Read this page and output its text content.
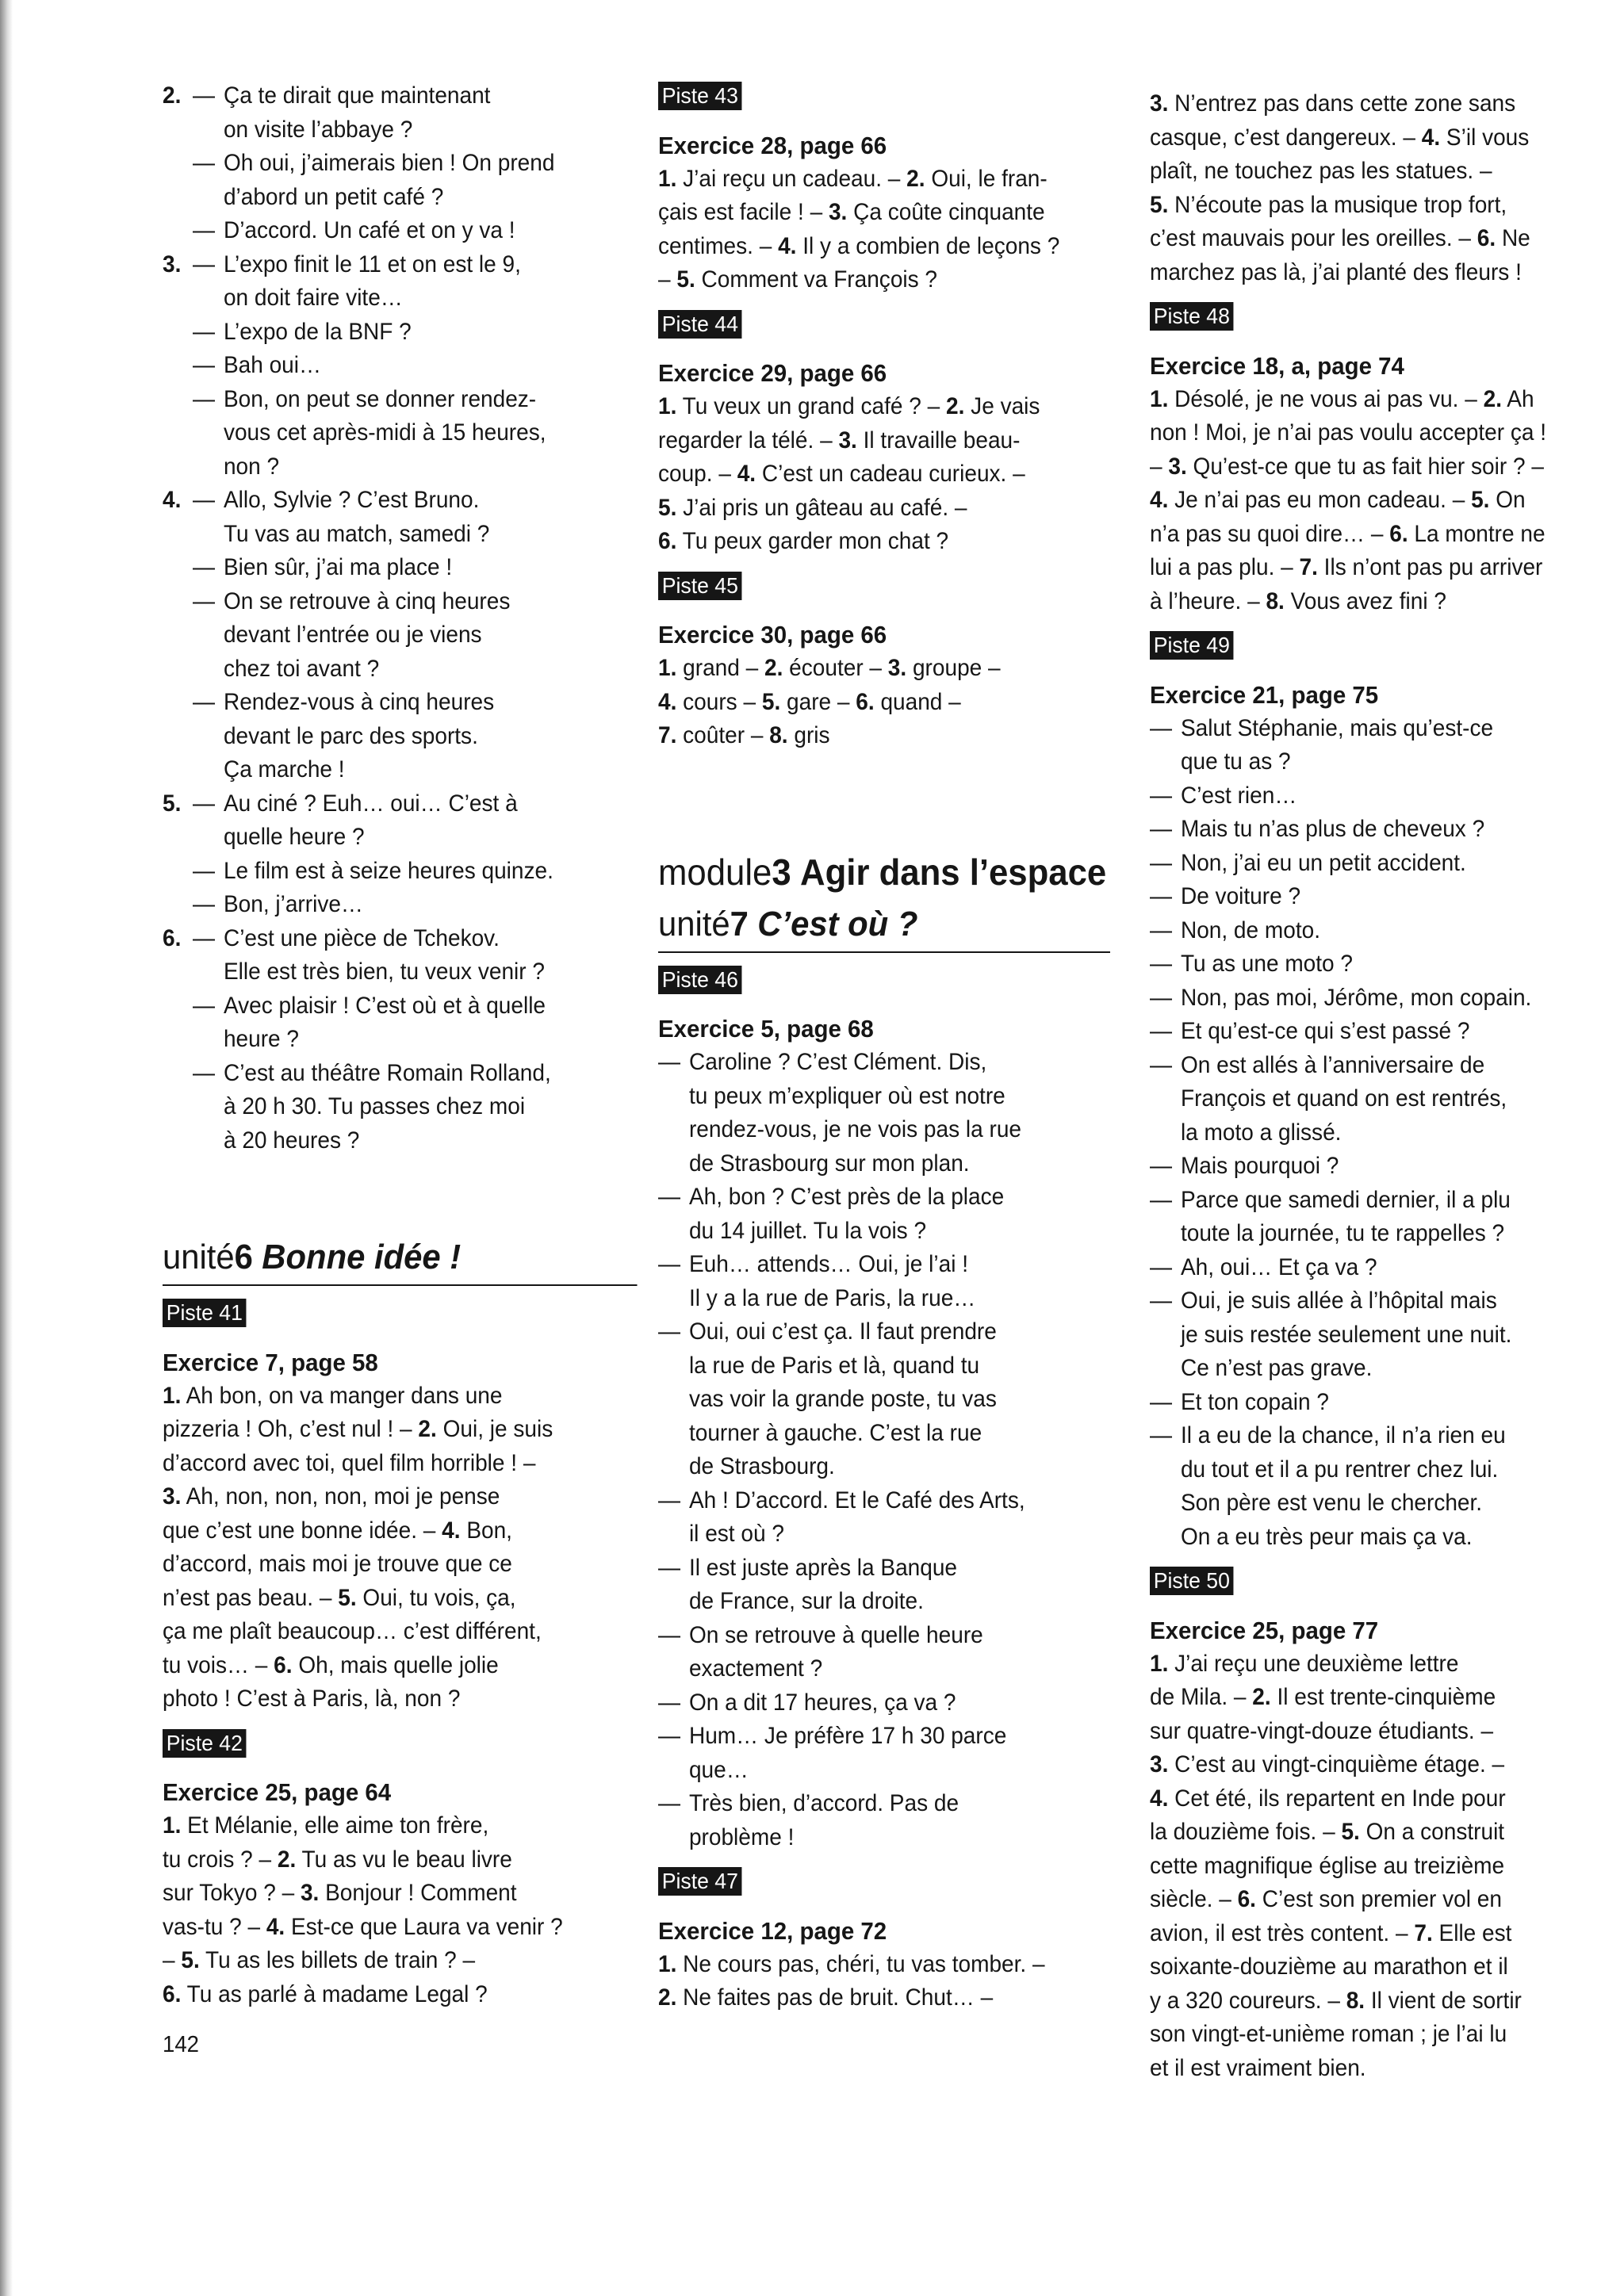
2. — Ça te dirait que maintenant
on visite l’abbaye ?
— Oh oui, j’aimerais bien ! On prend
d’abord un petit café ?
— D’accord. Un café et on y va !
3. — L’expo finit le 11 et on est le 9,
on doit faire vite…
— L’expo de la BNF ?
— Bah oui…
— Bon, on peut se donner rendez-
vous cet après-midi à 15 heures,
non ?
4. — Allo, Sylvie ? C’est Bruno.
Tu vas au match, samedi ?
— Bien sûr, j’ai ma place !
— On se retrouve à cinq heures
devant l’entrée ou je viens
chez toi avant ?
— Rendez-vous à cinq heures
devant le parc des sports.
Ça marche !
5. — Au ciné ? Euh… oui… C’est à
quelle heure ?
— Le film est à seize heures quinze.
— Bon, j’arrive…
6. — C’est une pièce de Tchekov.
Elle est très bien, tu veux venir ?
— Avec plaisir ! C’est où et à quelle
heure ?
— C’est au théâtre Romain Rolland,
à 20 h 30. Tu passes chez moi
à 20 heures ?
unité6 Bonne idée !
Piste 41
Exercice 7, page 58
1. Ah bon, on va manger dans une
pizzeria ! Oh, c’est nul ! – 2. Oui, je suis
d’accord avec toi, quel film horrible ! –
3. Ah, non, non, non, moi je pense
que c’est une bonne idée. – 4. Bon,
d’accord, mais moi je trouve que ce
n’est pas beau. – 5. Oui, tu vois, ça,
ça me plaît beaucoup… c’est différent,
tu vois… – 6. Oh, mais quelle jolie
photo ! C’est à Paris, là, non ?
Piste 42
Exercice 25, page 64
1. Et Mélanie, elle aime ton frère,
tu crois ? – 2. Tu as vu le beau livre
sur Tokyo ? – 3. Bonjour ! Comment
vas-tu ? – 4. Est-ce que Laura va venir ?
– 5. Tu as les billets de train ? –
6. Tu as parlé à madame Legal ?
142
Piste 43
Exercice 28, page 66
1. J’ai reçu un cadeau. – 2. Oui, le fran-
çais est facile ! – 3. Ça coûte cinquante
centimes. – 4. Il y a combien de leçons ?
– 5. Comment va François ?
Piste 44
Exercice 29, page 66
1. Tu veux un grand café ? – 2. Je vais
regarder la télé. – 3. Il travaille beau-
coup. – 4. C’est un cadeau curieux. –
5. J’ai pris un gâteau au café. –
6. Tu peux garder mon chat ?
Piste 45
Exercice 30, page 66
1. grand – 2. écouter – 3. groupe –
4. cours – 5. gare – 6. quand –
7. coûter – 8. gris
module3 Agir dans l’espace
unité7 C’est où ?
Piste 46
Exercice 5, page 68
— Caroline ? C’est Clément. Dis,
tu peux m’expliquer où est notre
rendez-vous, je ne vois pas la rue
de Strasbourg sur mon plan.
— Ah, bon ? C’est près de la place
du 14 juillet. Tu la vois ?
— Euh… attends… Oui, je l’ai !
Il y a la rue de Paris, la rue…
— Oui, oui c’est ça. Il faut prendre
la rue de Paris et là, quand tu
vas voir la grande poste, tu vas
tourner à gauche. C’est la rue
de Strasbourg.
— Ah ! D’accord. Et le Café des Arts,
il est où ?
— Il est juste après la Banque
de France, sur la droite.
— On se retrouve à quelle heure
exactement ?
— On a dit 17 heures, ça va ?
— Hum… Je préfère 17 h 30 parce
que…
— Très bien, d’accord. Pas de
problème !
Piste 47
Exercice 12, page 72
1. Ne cours pas, chéri, tu vas tomber. –
2. Ne faites pas de bruit. Chut… –
3. N’entrez pas dans cette zone sans
casque, c’est dangereux. – 4. S’il vous
plaît, ne touchez pas les statues. –
5. N’écoute pas la musique trop fort,
c’est mauvais pour les oreilles. – 6. Ne
marchez pas là, j’ai planté des fleurs !
Piste 48
Exercice 18, a, page 74
1. Désolé, je ne vous ai pas vu. – 2. Ah
non ! Moi, je n’ai pas voulu accepter ça !
– 3. Qu’est-ce que tu as fait hier soir ? –
4. Je n’ai pas eu mon cadeau. – 5. On
n’a pas su quoi dire… – 6. La montre ne
lui a pas plu. – 7. Ils n’ont pas pu arriver
à l’heure. – 8. Vous avez fini ?
Piste 49
Exercice 21, page 75
— Salut Stéphanie, mais qu’est-ce
que tu as ?
— C’est rien…
— Mais tu n’as plus de cheveux ?
— Non, j’ai eu un petit accident.
— De voiture ?
— Non, de moto.
— Tu as une moto ?
— Non, pas moi, Jérôme, mon copain.
— Et qu’est-ce qui s’est passé ?
— On est allés à l’anniversaire de
François et quand on est rentrés,
la moto a glissé.
— Mais pourquoi ?
— Parce que samedi dernier, il a plu
toute la journée, tu te rappelles ?
— Ah, oui… Et ça va ?
— Oui, je suis allée à l’hôpital mais
je suis restée seulement une nuit.
Ce n’est pas grave.
— Et ton copain ?
— Il a eu de la chance, il n’a rien eu
du tout et il a pu rentrer chez lui.
Son père est venu le chercher.
On a eu très peur mais ça va.
Piste 50
Exercice 25, page 77
1. J’ai reçu une deuxième lettre
de Mila. – 2. Il est trente-cinquième
sur quatre-vingt-douze étudiants. –
3. C’est au vingt-cinquième étage. –
4. Cet été, ils repartent en Inde pour
la douzième fois. – 5. On a construit
cette magnifique église au treizième
siècle. – 6. C’est son premier vol en
avion, il est très content. – 7. Elle est
soixante-douzième au marathon et il
y a 320 coureurs. – 8. Il vient de sortir
son vingt-et-unième roman ; je l’ai lu
et il est vraiment bien.
